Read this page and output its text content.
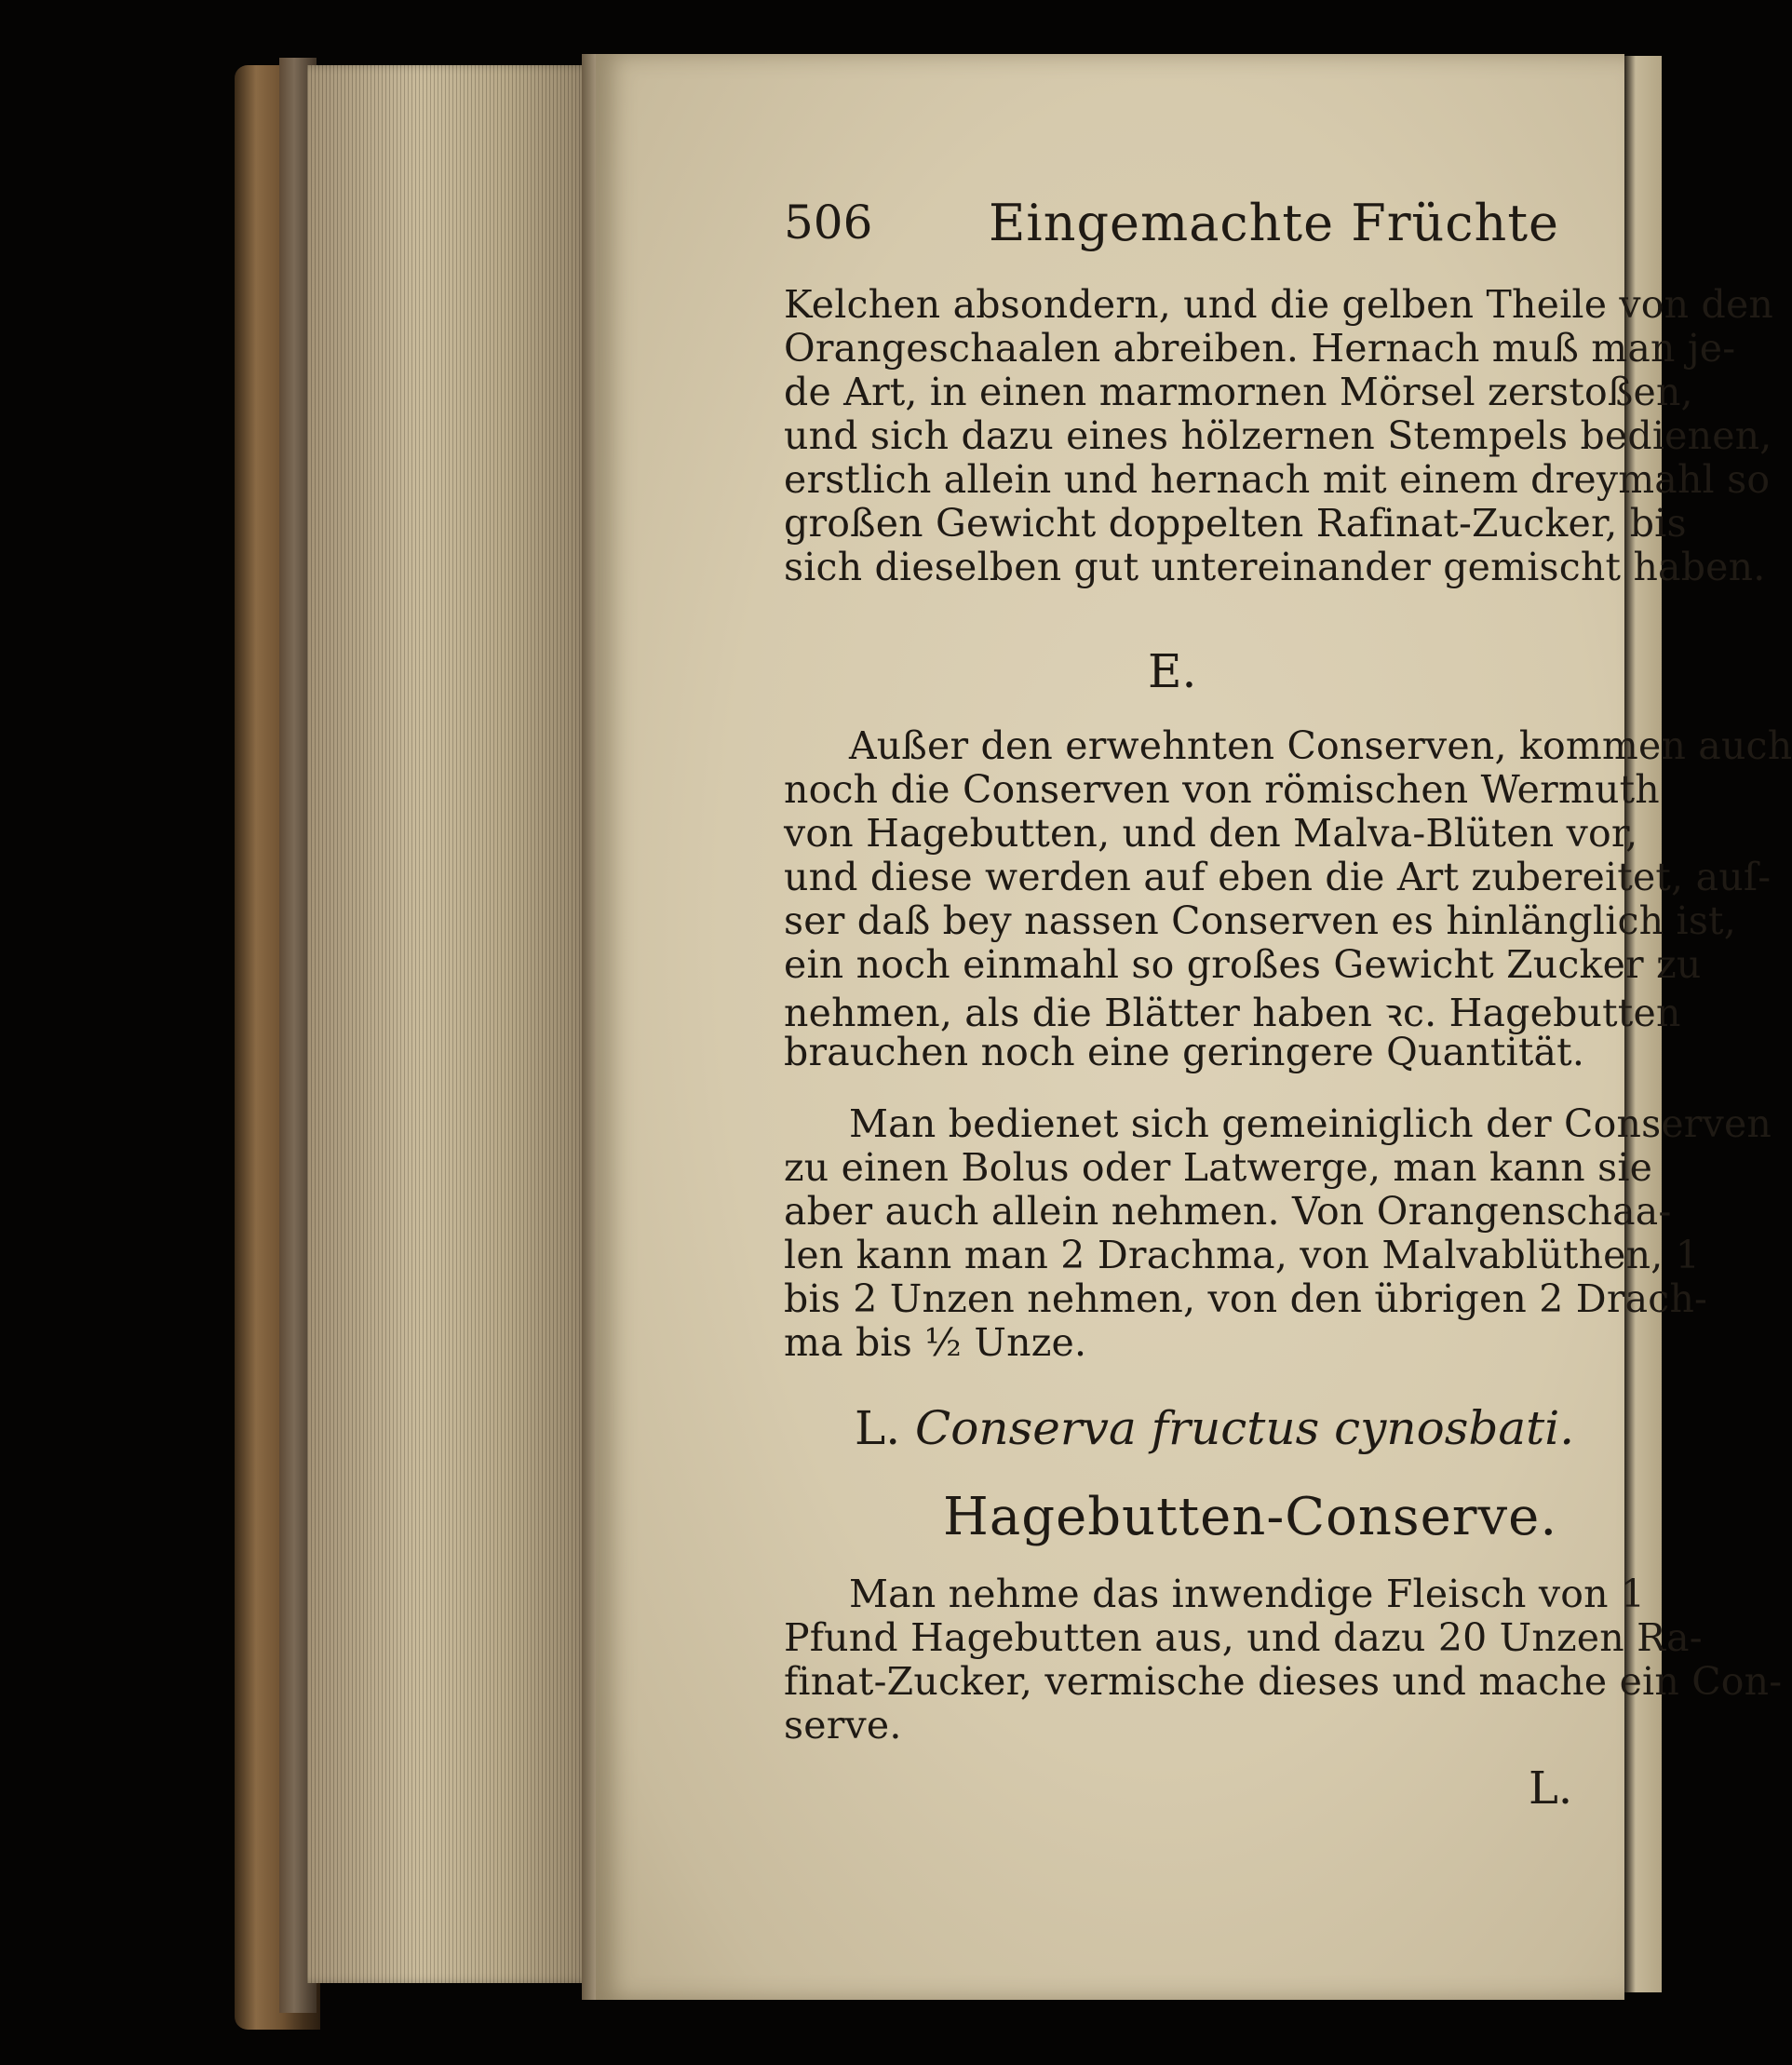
506 Eingemachte Früchte
Kelchen absondern, und die gelben Theile von den
Orangeschaalen abreiben. Hernach muß man je-
de Art, in einen marmornen Mörsel zerstoßen,
und sich dazu eines hölzernen Stempels bedienen,
erstlich allein und hernach mit einem dreymahl so
großen Gewicht doppelten Rafinat-Zucker, bis
sich dieselben gut untereinander gemischt haben.
E.
Außer den erwehnten Conserven, kommen auch
noch die Conserven von römischen Wermuth
von Hagebutten, und den Malva-Blüten vor,
und diese werden auf eben die Art zubereitet, auſ-
ser daß bey nassen Conserven es hinlänglich ist,
ein noch einmahl so großes Gewicht Zucker zu
nehmen, als die Blätter haben ꝛc. Hagebutten
brauchen noch eine geringere Quantität.
Man bedienet sich gemeiniglich der Conserven
zu einen Bolus oder Latwerge, man kann sie
aber auch allein nehmen. Von Orangenschaa-
len kann man 2 Drachma, von Malvablüthen, 1
bis 2 Unzen nehmen, von den übrigen 2 Drach-
ma bis ½ Unze.
L. Conserva fructus cynosbati.
Hagebutten-Conserve.
Man nehme das inwendige Fleisch von 1
Pfund Hagebutten aus, und dazu 20 Unzen Ra-
finat-Zucker, vermische dieses und mache ein Con-
serve.
L.
